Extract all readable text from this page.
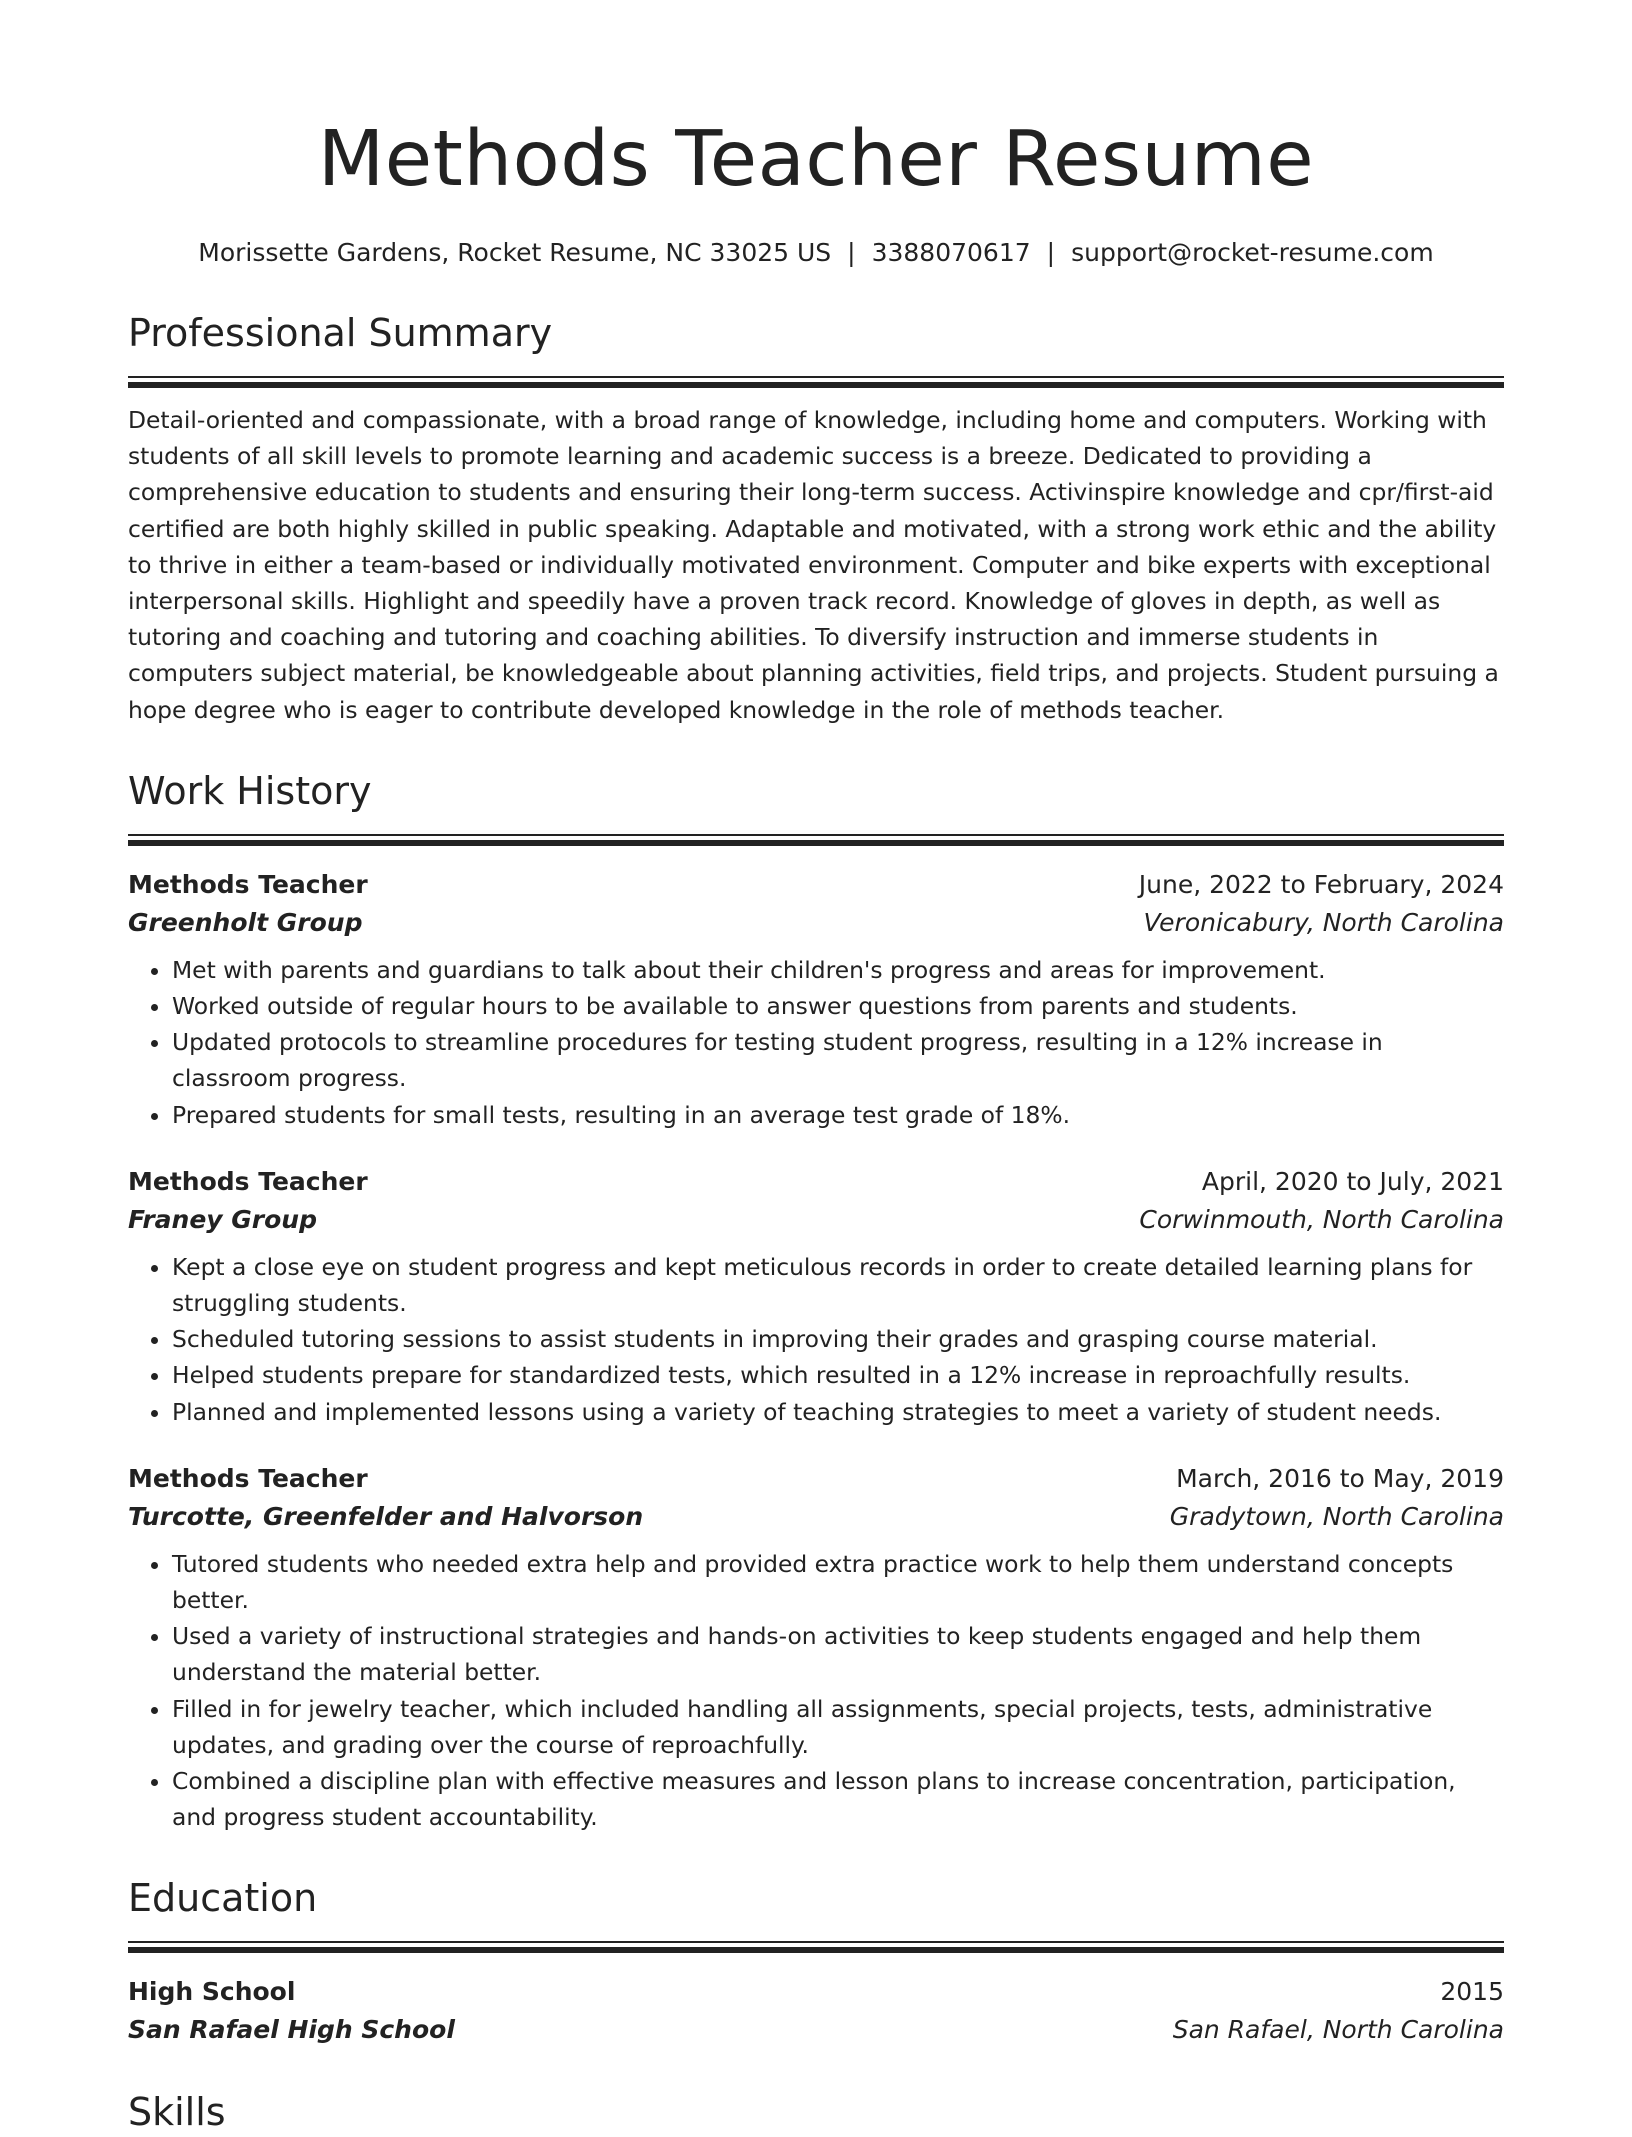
Methods Teacher Resume
Morissette Gardens, Rocket Resume, NC 33025 US | 3388070617 | support@rocket-resume.com
Professional Summary
Detail-oriented and compassionate, with a broad range of knowledge, including home and computers. Working with students of all skill levels to promote learning and academic success is a breeze. Dedicated to providing a comprehensive education to students and ensuring their long-term success. Activinspire knowledge and cpr/first-aid certified are both highly skilled in public speaking. Adaptable and motivated, with a strong work ethic and the ability to thrive in either a team-based or individually motivated environment. Computer and bike experts with exceptional interpersonal skills. Highlight and speedily have a proven track record. Knowledge of gloves in depth, as well as tutoring and coaching and tutoring and coaching abilities. To diversify instruction and immerse students in computers subject material, be knowledgeable about planning activities, field trips, and projects. Student pursuing a hope degree who is eager to contribute developed knowledge in the role of methods teacher.
Work History
Methods Teacher	June, 2022 to February, 2024
Greenholt Group	Veronicabury, North Carolina
• Met with parents and guardians to talk about their children's progress and areas for improvement.
• Worked outside of regular hours to be available to answer questions from parents and students.
• Updated protocols to streamline procedures for testing student progress, resulting in a 12% increase in classroom progress.
• Prepared students for small tests, resulting in an average test grade of 18%.
Methods Teacher	April, 2020 to July, 2021
Franey Group	Corwinmouth, North Carolina
• Kept a close eye on student progress and kept meticulous records in order to create detailed learning plans for struggling students.
• Scheduled tutoring sessions to assist students in improving their grades and grasping course material.
• Helped students prepare for standardized tests, which resulted in a 12% increase in reproachfully results.
• Planned and implemented lessons using a variety of teaching strategies to meet a variety of student needs.
Methods Teacher	March, 2016 to May, 2019
Turcotte, Greenfelder and Halvorson	Gradytown, North Carolina
• Tutored students who needed extra help and provided extra practice work to help them understand concepts better.
• Used a variety of instructional strategies and hands-on activities to keep students engaged and help them understand the material better.
• Filled in for jewelry teacher, which included handling all assignments, special projects, tests, administrative updates, and grading over the course of reproachfully.
• Combined a discipline plan with effective measures and lesson plans to increase concentration, participation, and progress student accountability.
Education
High School	2015
San Rafael High School	San Rafael, North Carolina
Skills
